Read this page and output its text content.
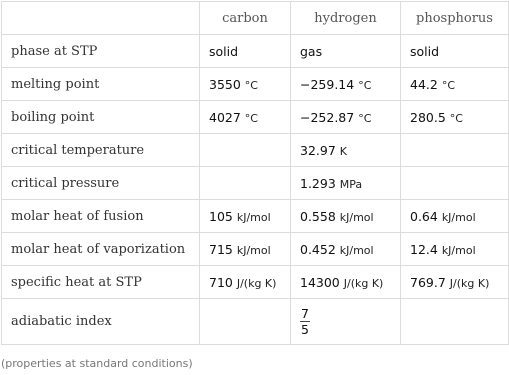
	carbon	hydrogen	phosphorus
phase at STP	solid	gas	solid
melting point	3550 °C	−259.14 °C	44.2 °C
boiling point	4027 °C	−252.87 °C	280.5 °C
critical temperature		32.97 K	
critical pressure		1.293 MPa	
molar heat of fusion	105 kJ/mol	0.558 kJ/mol	0.64 kJ/mol
molar heat of vaporization	715 kJ/mol	0.452 kJ/mol	12.4 kJ/mol
specific heat at STP	710 J/(kg K)	14300 J/(kg K)	769.7 J/(kg K)
adiabatic index		$\frac{7}{5}$

(properties at standard conditions)
